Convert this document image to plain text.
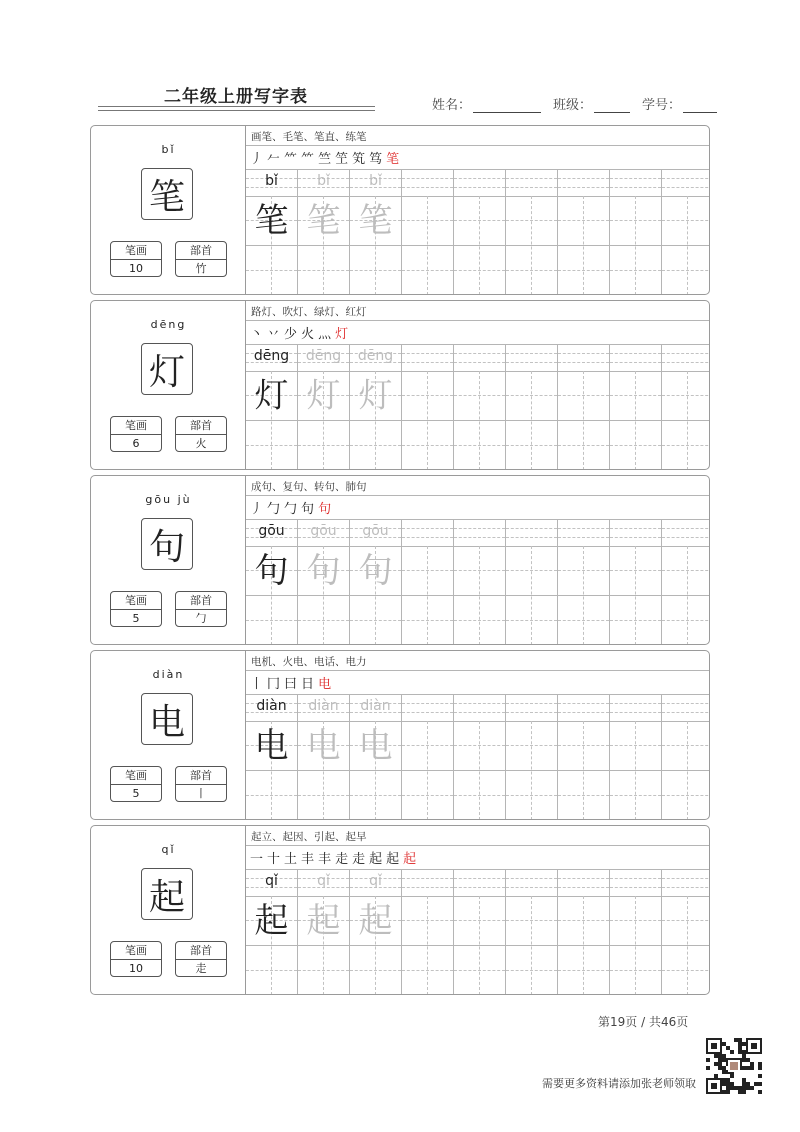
二年级上册写字表	姓名：	班级：	学号：
bǐ
笔
笔画
10
部首
竹
画笔、毛笔、笔直、练笔
丿 𠂉 ⺮ ⺮ 竺 笁 笂 笃 笔
bǐ
笔
bǐ
笔
bǐ
笔
dēng
灯
笔画
6
部首
火
路灯、吹灯、绿灯、红灯
丶 丷 少 火 灬 灯
dēng
灯
dēng
灯
dēng
灯
gōu jù
句
笔画
5
部首
勹
成句、复句、转句、肺句
丿 勹 勹 句 句
gōu
句
gōu
句
gōu
句
diàn
电
笔画
5
部首
丨
电机、火电、电话、电力
丨 冂 曰 日 电
diàn
电
diàn
电
diàn
电
qǐ
起
笔画
10
部首
走
起立、起因、引起、起早
一 十 土 丰 丰 走 走 起 起 起
qǐ
起
qǐ
起
qǐ
起
第19页 / 共46页
需要更多资料请添加张老师领取
